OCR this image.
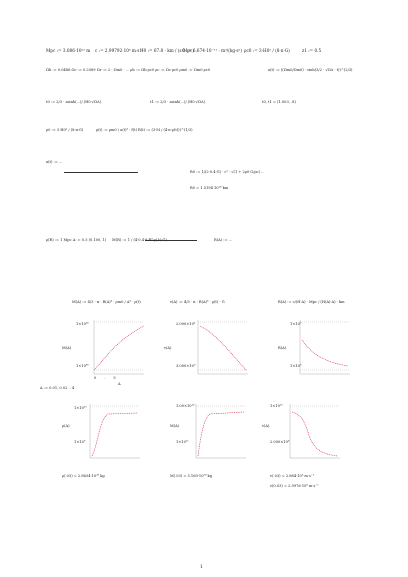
Mpc := 3.086·10²² m c := 2.99792·10⁸ m·s⁻¹
H0 := 67.8 · km / (s·Mpc)
G := 6.674·10⁻¹¹ · m³/(kg·s²) ρc0 := 3·H0² / (8·π·G)	z1 := 0.5
Ωb := 0.0486 Ωc := 0.2589 Ωr := 2 · Ωm0 · ... ρb := Ωb·ρc0 ρc := Ωc·ρc0 ρm0 := Ωm0·ρc0	a(t) := ((Ωm0/Ωm0) · sinh(3/2 · √ΩΛ · t))^(2/3)
t0 := 2/3 · asinh(...)/ (H0·√ΩΛ)	t1 := 2/3 · asinh(...)/ (H0·√ΩΛ)	t0, t1 = (1.003, .8)
ρ0 := 3·H0² / (8·π·G)	ρ(t) := ρm0 / a(t)³ · f(t) R(t) := (3·M / (4·π·ρ(t)))^(1/3)
a(t) := ...
R0 := 1/(2·0.4·G) · c² · √(1 + 2ρ0·G/ρc) ...
R0 = 1.5194·10²⁶ km
ρ(R) := 1 Mpc A := 0.5 (0.100, 1) M(R) := 1 / (4·0.4·8·R³·ρ(A)·G)	R(A) := ...
M(A) := 4/3 · π · R(A)³ · ρm0 / A³ · ρ(t)	v(A) := 4/3 · π · R(A)³ · ρ(t) · G	R(A) := c/(H·A) · Mpc / (H(A)·A) · km
M(A)
1×10⁵²
1×10⁴⁰
0.5
A
v(A)
2.000×10⁸
3.000×10⁹
R(A)
1×10⁹
1×10⁸
A := 0.01, 0.02 .. 4
1×10¹⁰
ρ(A)
1×10⁹
1.00×10¹³
M(A)
1×10¹¹
1×10¹⁰
v(A)
2.000×10⁸
ρ(.03) = 2.8634·10²⁶ kg	M(.03) = 5.169·10²⁸ kg	v(.03) = 2.884·10⁸ m·s⁻¹
v(0.03) = 2.9976·10⁸ m·s⁻¹
1
